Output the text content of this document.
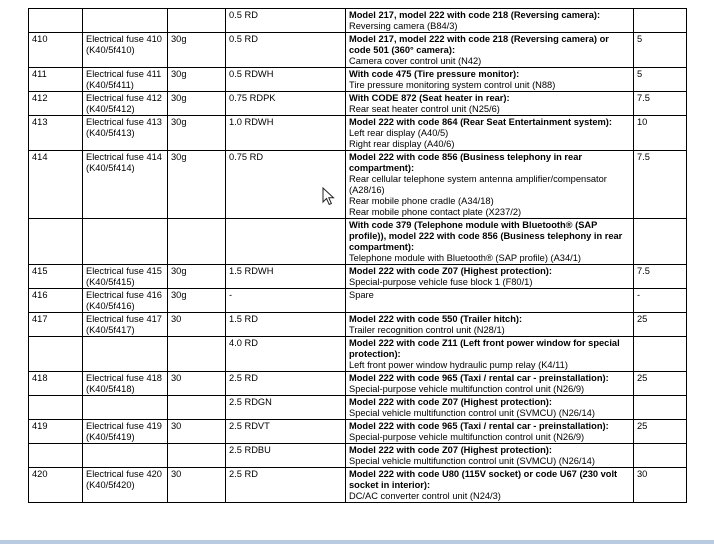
			0.5 RD	Model 217, model 222 with code 218 (Reversing camera):
Reversing camera (B84/3)	

410	Electrical fuse 410 (K40/5f410)	30g	0.5 RD	Model 217, model 222 with code 218 (Reversing camera) or code 501 (360° camera):
Camera cover control unit (N42)	5
411	Electrical fuse 411 (K40/5f411)	30g	0.5 RDWH	With code 475 (Tire pressure monitor):
Tire pressure monitoring system control unit (N88)	5
412	Electrical fuse 412 (K40/5f412)	30g	0.75 RDPK	With CODE 872 (Seat heater in rear):
Rear seat heater control unit (N25/6)	7.5
413	Electrical fuse 413 (K40/5f413)	30g	1.0 RDWH	Model 222 with code 864 (Rear Seat Entertainment system):
Left rear display (A40/5)
Right rear display (A40/6)	10
414	Electrical fuse 414 (K40/5f414)	30g	0.75 RD	Model 222 with code 856 (Business telephony in rear compartment):
Rear cellular telephone system antenna amplifier/compensator (A28/16)
Rear mobile phone cradle (A34/18)
Rear mobile phone contact plate (X237/2)	7.5
				With code 379 (Telephone module with Bluetooth® (SAP profile)), model 222 with code 856 (Business telephony in rear compartment):
Telephone module with Bluetooth® (SAP profile) (A34/1)	

415	Electrical fuse 415 (K40/5f415)	30g	1.5 RDWH	Model 222 with code Z07 (Highest protection):
Special-purpose vehicle fuse block 1 (F80/1)	7.5
416	Electrical fuse 416 (K40/5f416)	30g	-	Spare	-
417	Electrical fuse 417 (K40/5f417)	30	1.5 RD	Model 222 with code 550 (Trailer hitch):
Trailer recognition control unit (N28/1)	25
			4.0 RD	Model 222 with code Z11 (Left front power window for special protection):
Left front power window hydraulic pump relay (K4/11)	

418	Electrical fuse 418 (K40/5f418)	30	2.5 RD	Model 222 with code 965 (Taxi / rental car - preinstallation):
Special-purpose vehicle multifunction control unit (N26/9)	25
			2.5 RDGN	Model 222 with code Z07 (Highest protection):
Special vehicle multifunction control unit (SVMCU) (N26/14)	

419	Electrical fuse 419 (K40/5f419)	30	2.5 RDVT	Model 222 with code 965 (Taxi / rental car - preinstallation):
Special-purpose vehicle multifunction control unit (N26/9)	25
			2.5 RDBU	Model 222 with code Z07 (Highest protection):
Special vehicle multifunction control unit (SVMCU) (N26/14)	

420	Electrical fuse 420 (K40/5f420)	30	2.5 RD	Model 222 with code U80 (115V socket) or code U67 (230 volt socket in interior):
DC/AC converter control unit (N24/3)	30
